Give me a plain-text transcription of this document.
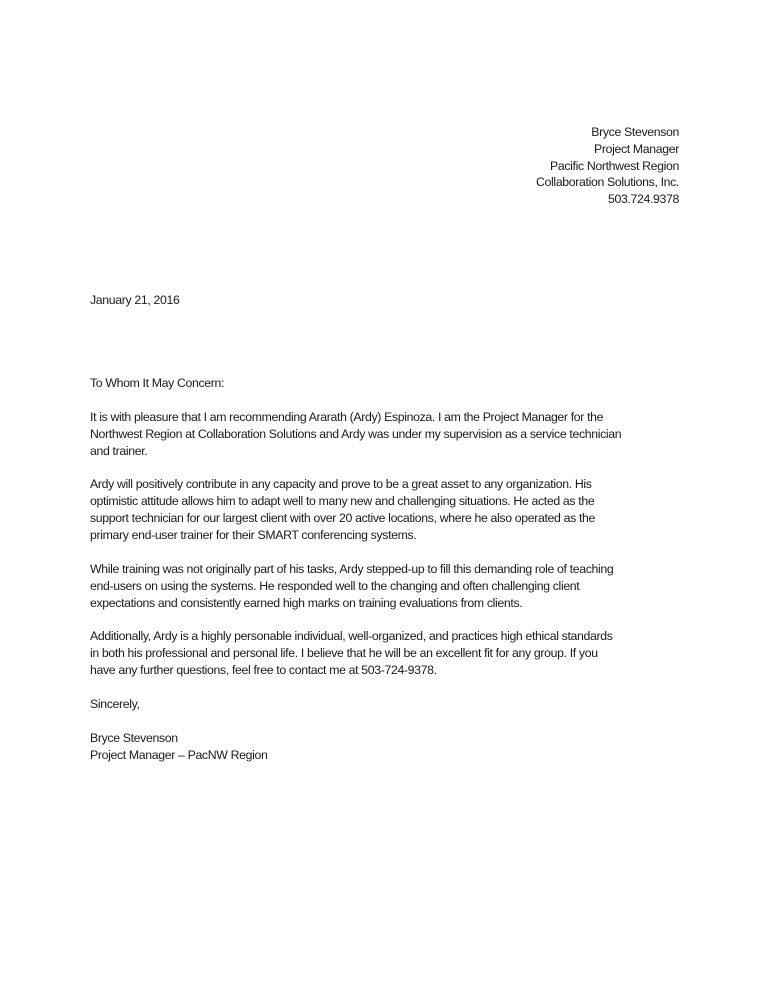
Bryce Stevenson
Project Manager
Pacific Northwest Region
Collaboration Solutions, Inc.
503.724.9378
January 21, 2016
To Whom It May Concern:
It is with pleasure that I am recommending Ararath (Ardy) Espinoza. I am the Project Manager for the
Northwest Region at Collaboration Solutions and Ardy was under my supervision as a service technician
and trainer.
Ardy will positively contribute in any capacity and prove to be a great asset to any organization. His
optimistic attitude allows him to adapt well to many new and challenging situations. He acted as the
support technician for our largest client with over 20 active locations, where he also operated as the
primary end-user trainer for their SMART conferencing systems.
While training was not originally part of his tasks, Ardy stepped-up to fill this demanding role of teaching
end-users on using the systems. He responded well to the changing and often challenging client
expectations and consistently earned high marks on training evaluations from clients.
Additionally, Ardy is a highly personable individual, well-organized, and practices high ethical standards
in both his professional and personal life. I believe that he will be an excellent fit for any group. If you
have any further questions, feel free to contact me at 503-724-9378.
Sincerely,
Bryce Stevenson
Project Manager – PacNW Region
